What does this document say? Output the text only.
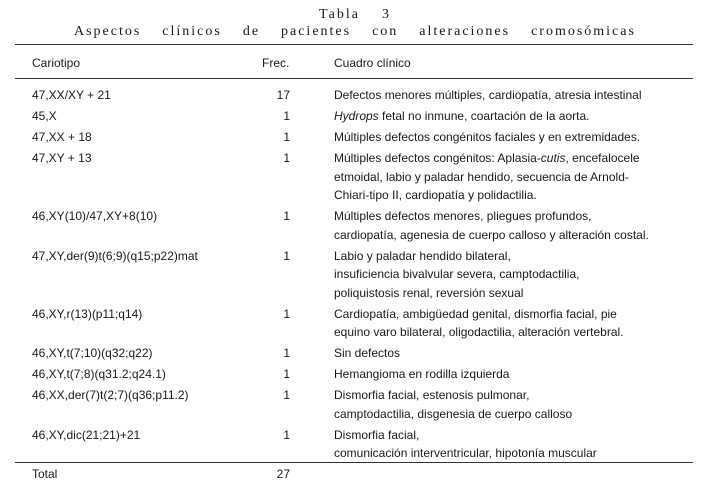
Tabla 3
Aspectos clínicos de pacientes con alteraciones cromosómicas
Cariotipo	Frec.	Cuadro clínico
47,XX/XY + 21	17	Defectos menores múltiples, cardiopatía, atresia intestinal
45,X	1	Hydrops fetal no inmune, coartación de la aorta.
47,XX + 18	1	Múltiples defectos congénitos faciales y en extremidades.
47,XY + 13	1	Múltiples defectos congénitos: Aplasia-cutis, encefalocele
etmoidal, labio y paladar hendido, secuencia de Arnold-
Chiari-tipo II, cardiopatía y polidactilia.
46,XY(10)/47,XY+8(10)	1	Múltiples defectos menores, pliegues profundos,
cardiopatía, agenesia de cuerpo calloso y alteración costal.
47,XY,der(9)t(6;9)(q15;p22)mat	1	Labio y paladar hendido bilateral,
insuficiencia bivalvular severa, camptodactilia,
poliquistosis renal, reversión sexual
46,XY,r(13)(p11;q14)	1	Cardiopatía, ambigüedad genital, dismorfia facial, pie
equino varo bilateral, oligodactilia, alteración vertebral.
46,XY,t(7;10)(q32;q22)	1	Sin defectos
46,XY,t(7;8)(q31.2;q24.1)	1	Hemangioma en rodilla izquierda
46,XX,der(7)t(2;7)(q36;p11.2)	1	Dismorfia facial, estenosis pulmonar,
camptodactilia, disgenesia de cuerpo calloso
46,XY,dic(21;21)+21	1	Dismorfia facial,
comunicación interventricular, hipotonía muscular
Total	27
